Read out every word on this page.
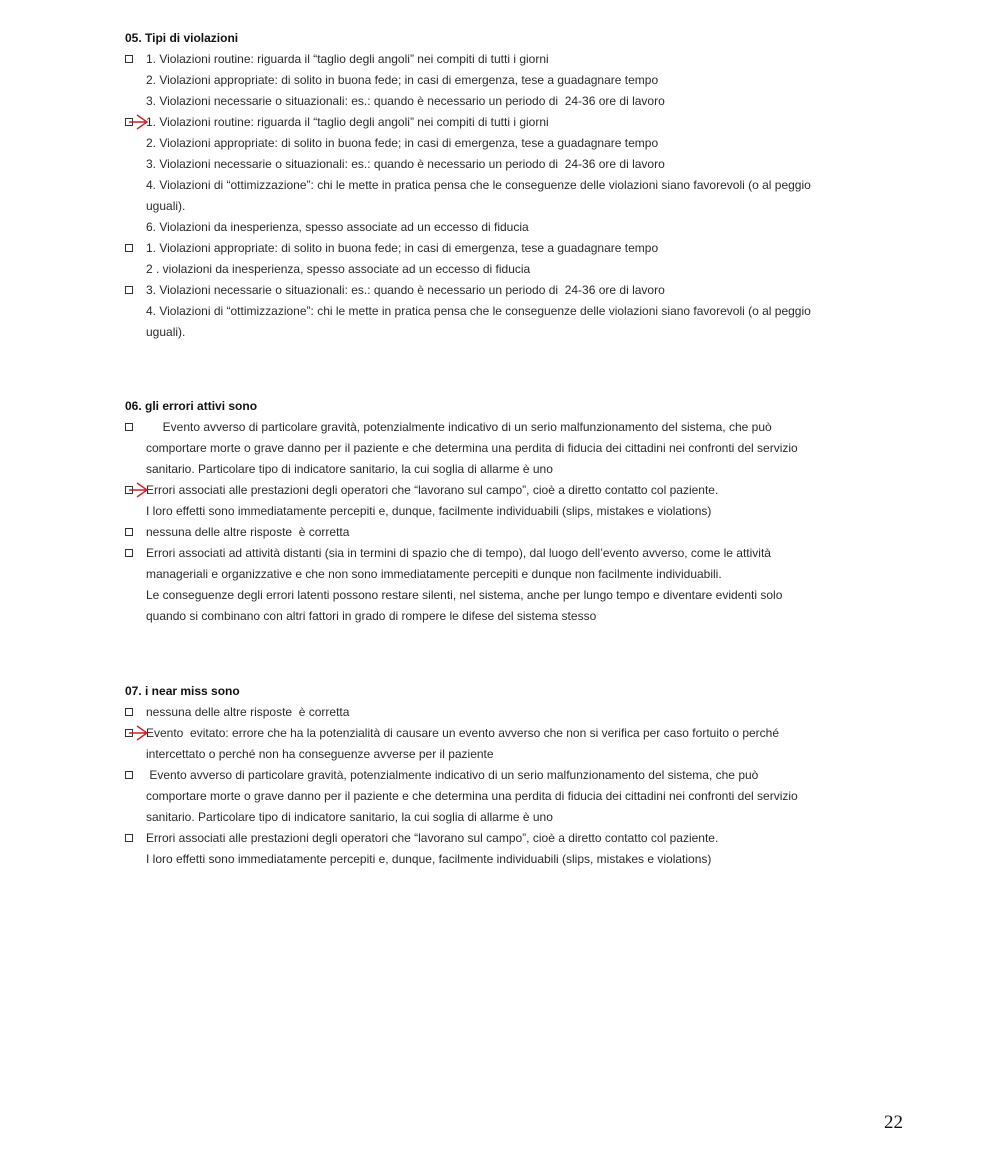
22
05. Tipi di violazioni
1. Violazioni routine: riguarda il “taglio degli angoli” nei compiti di tutti i giorni
2. Violazioni appropriate: di solito in buona fede; in casi di emergenza, tese a guadagnare tempo
3. Violazioni necessarie o situazionali: es.: quando è necessario un periodo di  24-36 ore di lavoro
1. Violazioni routine: riguarda il “taglio degli angoli” nei compiti di tutti i giorni
2. Violazioni appropriate: di solito in buona fede; in casi di emergenza, tese a guadagnare tempo
3. Violazioni necessarie o situazionali: es.: quando è necessario un periodo di  24-36 ore di lavoro
4. Violazioni di “ottimizzazione”: chi le mette in pratica pensa che le conseguenze delle violazioni siano favorevoli (o al peggio
uguali).
6. Violazioni da inesperienza, spesso associate ad un eccesso di fiducia
1. Violazioni appropriate: di solito in buona fede; in casi di emergenza, tese a guadagnare tempo
2 . violazioni da inesperienza, spesso associate ad un eccesso di fiducia
3. Violazioni necessarie o situazionali: es.: quando è necessario un periodo di  24-36 ore di lavoro
4. Violazioni di “ottimizzazione”: chi le mette in pratica pensa che le conseguenze delle violazioni siano favorevoli (o al peggio
uguali).
06. gli errori attivi sono
Evento avverso di particolare gravità, potenzialmente indicativo di un serio malfunzionamento del sistema, che può
comportare morte o grave danno per il paziente e che determina una perdita di fiducia dei cittadini nei confronti del servizio
sanitario. Particolare tipo di indicatore sanitario, la cui soglia di allarme è uno
Errori associati alle prestazioni degli operatori che “lavorano sul campo”, cioè a diretto contatto col paziente.
I loro effetti sono immediatamente percepiti e, dunque, facilmente individuabili (slips, mistakes e violations)
nessuna delle altre risposte  è corretta
Errori associati ad attività distanti (sia in termini di spazio che di tempo), dal luogo dell’evento avverso, come le attività
manageriali e organizzative e che non sono immediatamente percepiti e dunque non facilmente individuabili.
Le conseguenze degli errori latenti possono restare silenti, nel sistema, anche per lungo tempo e diventare evidenti solo
quando si combinano con altri fattori in grado di rompere le difese del sistema stesso
07. i near miss sono
nessuna delle altre risposte  è corretta
Evento  evitato: errore che ha la potenzialità di causare un evento avverso che non si verifica per caso fortuito o perché
intercettato o perché non ha conseguenze avverse per il paziente
Evento avverso di particolare gravità, potenzialmente indicativo di un serio malfunzionamento del sistema, che può
comportare morte o grave danno per il paziente e che determina una perdita di fiducia dei cittadini nei confronti del servizio
sanitario. Particolare tipo di indicatore sanitario, la cui soglia di allarme è uno
Errori associati alle prestazioni degli operatori che “lavorano sul campo”, cioè a diretto contatto col paziente.
I loro effetti sono immediatamente percepiti e, dunque, facilmente individuabili (slips, mistakes e violations)
